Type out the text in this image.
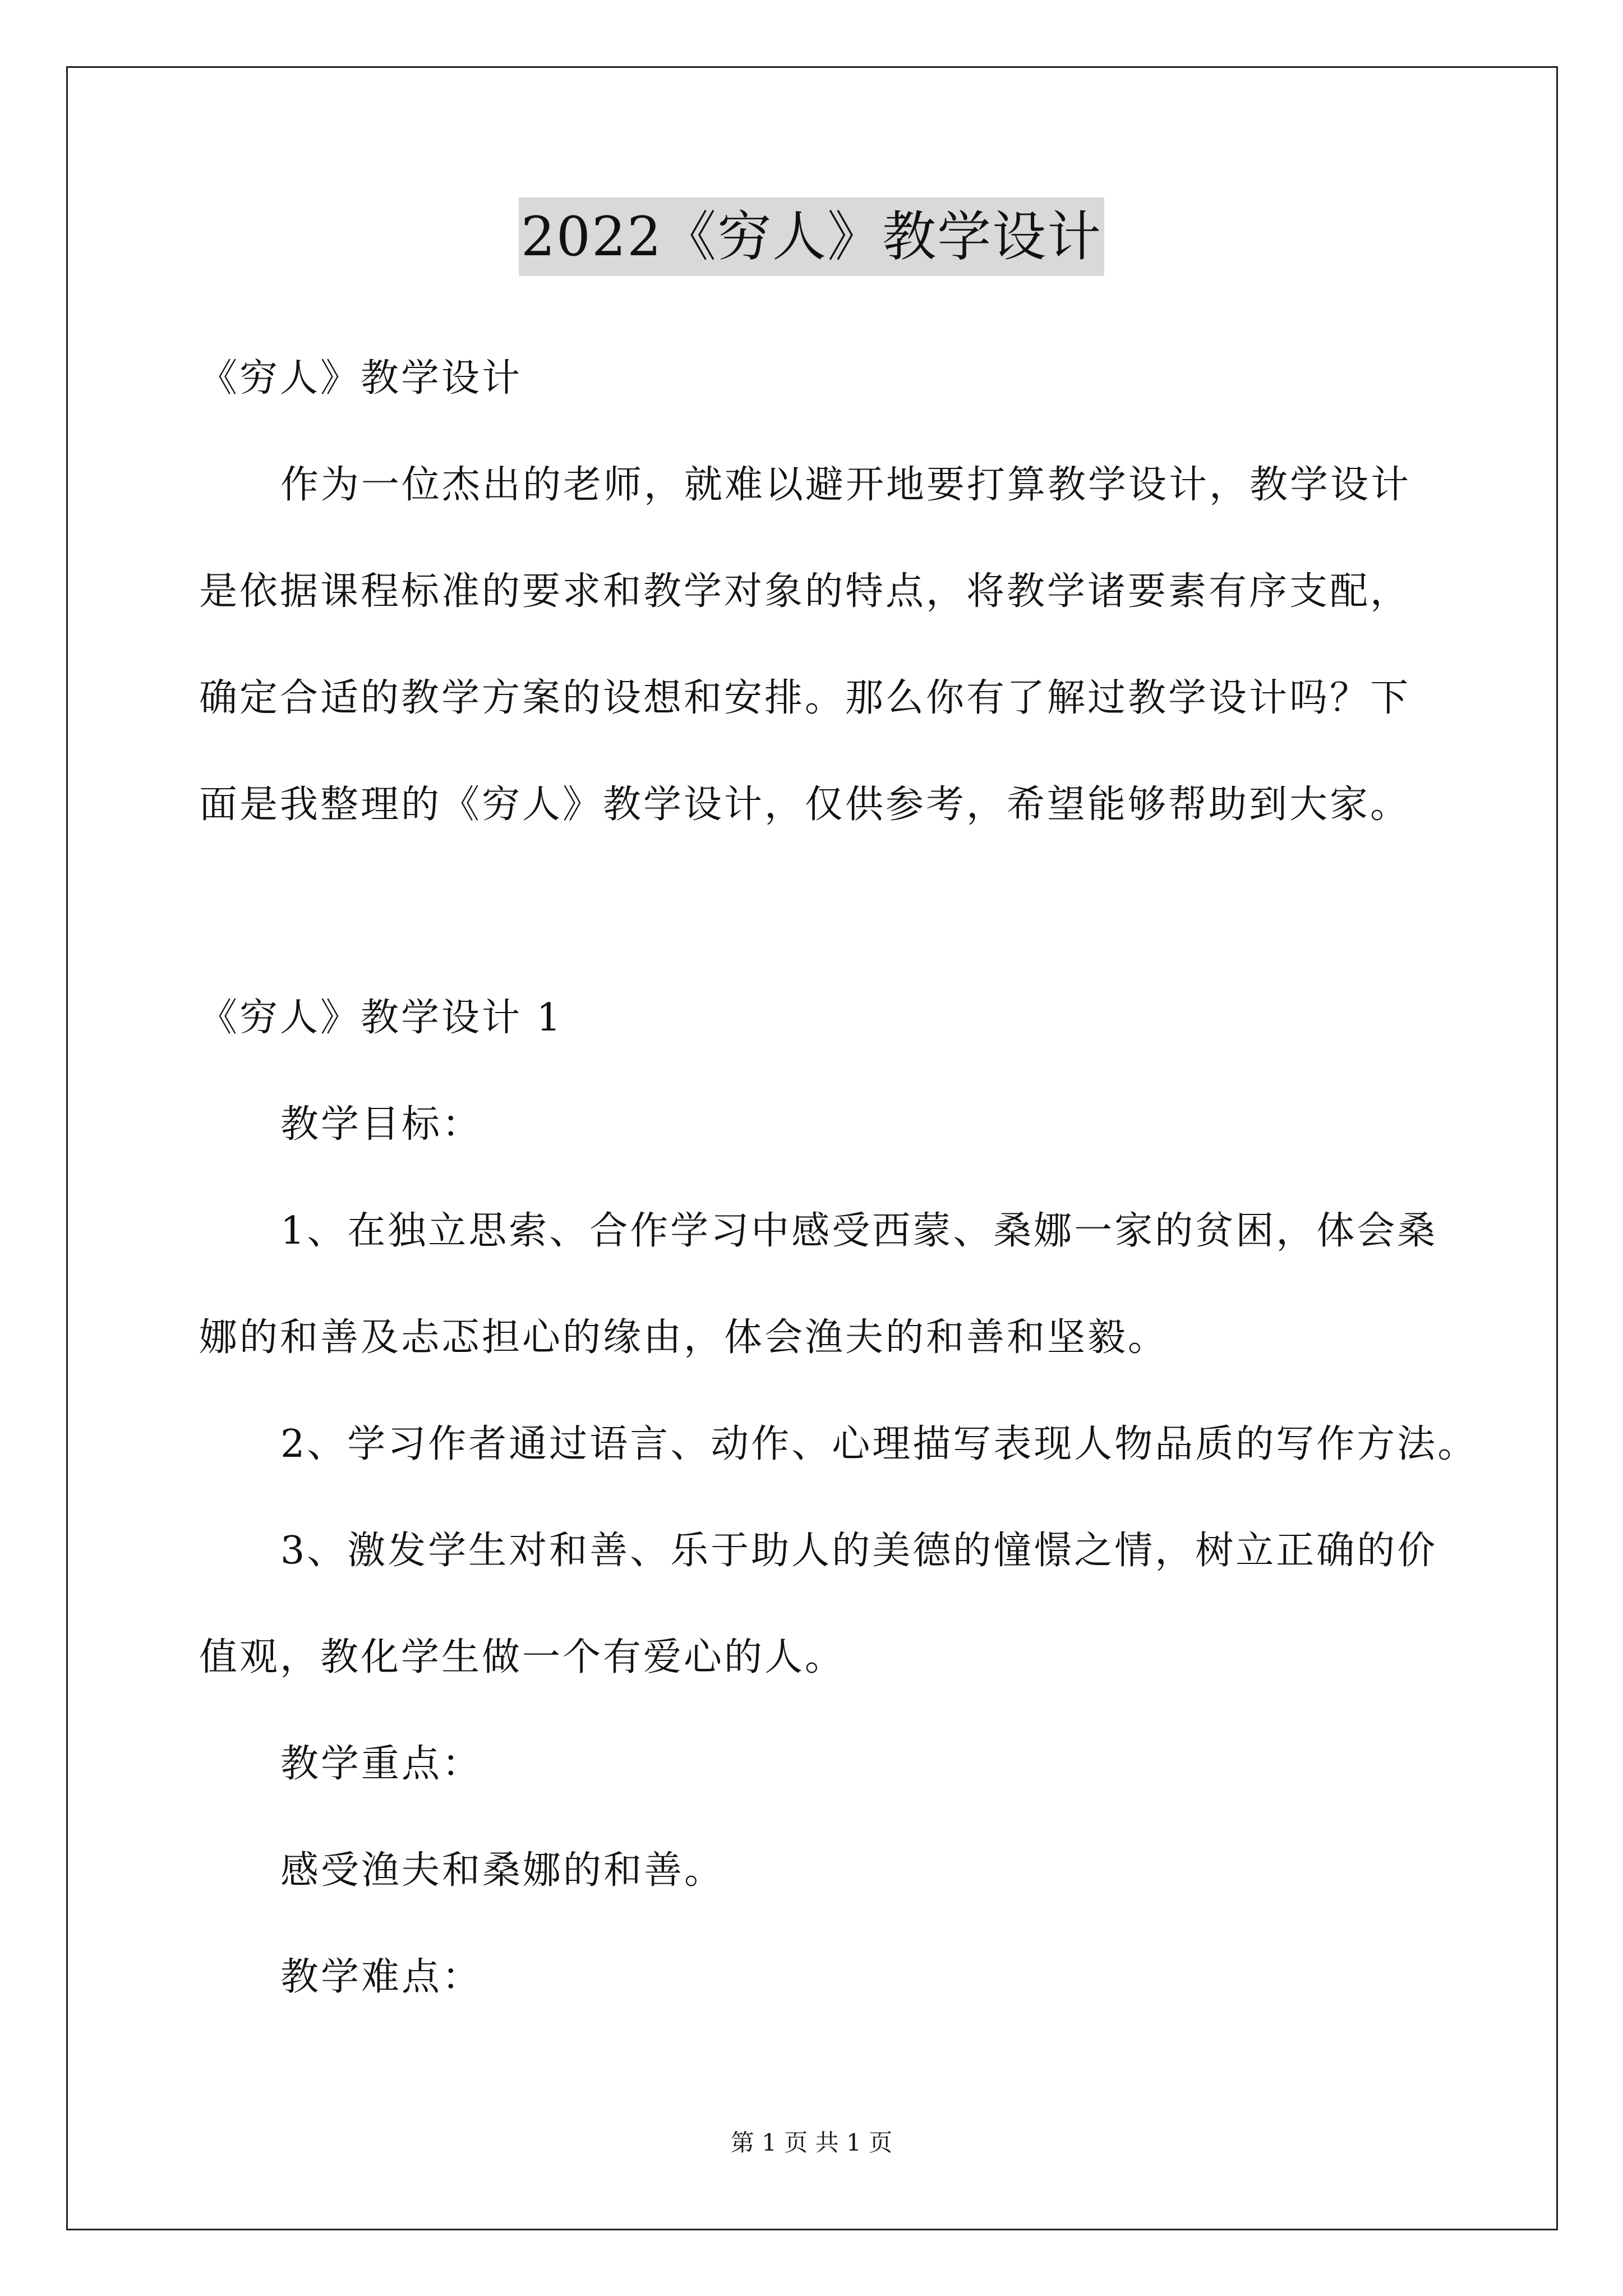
2022《穷人》教学设计
《穷人》教学设计
作为一位杰出的老师，就难以避开地要打算教学设计，教学设计
是依据课程标准的要求和教学对象的特点，将教学诸要素有序支配，
确定合适的教学方案的设想和安排。那么你有了解过教学设计吗？下
面是我整理的《穷人》教学设计，仅供参考，希望能够帮助到大家。
《穷人》教学设计 1
教学目标：
1、在独立思索、合作学习中感受西蒙、桑娜一家的贫困，体会桑
娜的和善及忐忑担心的缘由，体会渔夫的和善和坚毅。
2、学习作者通过语言、动作、心理描写表现人物品质的写作方法。
3、激发学生对和善、乐于助人的美德的憧憬之情，树立正确的价
值观，教化学生做一个有爱心的人。
教学重点：
感受渔夫和桑娜的和善。
教学难点：
第 1 页 共 1 页
